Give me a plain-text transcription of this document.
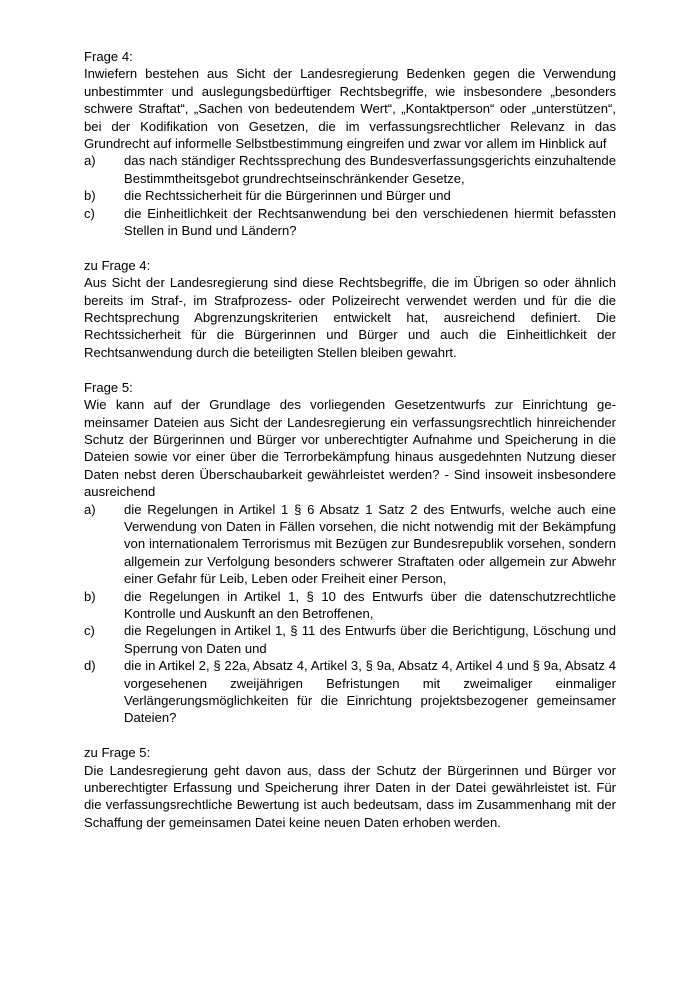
Frage 4:
Inwiefern bestehen aus Sicht der Landesregierung Bedenken gegen die Verwendung unbestimmter und auslegungsbedürftiger Rechtsbegriffe, wie insbesondere „besonders schwere Straftat“, „Sachen von bedeutendem Wert“, „Kontaktperson“ oder „unterstützen“, bei der Kodifikation von Gesetzen, die im verfassungsrechtlicher Relevanz in das Grundrecht auf informelle Selbstbestimmung eingreifen und zwar vor allem im Hinblick auf
a)	das nach ständiger Rechtssprechung des Bundesverfassungsgerichts einzuhaltende Bestimmtheitsgebot grundrechtseinschränkender Gesetze,
b)	die Rechtssicherheit für die Bürgerinnen und Bürger und
c)	die Einheitlichkeit der Rechtsanwendung bei den verschiedenen hiermit befassten Stellen in Bund und Ländern?
zu Frage 4:
Aus Sicht der Landesregierung sind diese Rechtsbegriffe, die im Übrigen so oder ähnlich bereits im Straf-, im Strafprozess- oder Polizeirecht verwendet werden und für die die Rechtsprechung Abgrenzungskriterien entwickelt hat, ausreichend definiert. Die Rechtssicherheit für die Bürgerinnen und Bürger und auch die Einheitlichkeit der Rechtsanwendung durch die beteiligten Stellen bleiben gewahrt.
Frage 5:
Wie kann auf der Grundlage des vorliegenden Gesetzentwurfs zur Einrichtung gemeinsamer Dateien aus Sicht der Landesregierung ein verfassungsrechtlich hinreichender Schutz der Bürgerinnen und Bürger vor unberechtigter Aufnahme und Speicherung in die Dateien sowie vor einer über die Terrorbekämpfung hinaus ausgedehnten Nutzung dieser Daten nebst deren Überschaubarkeit gewährleistet werden? - Sind insoweit insbesondere ausreichend
a)	die Regelungen in Artikel 1 § 6 Absatz 1 Satz 2 des Entwurfs, welche auch eine Verwendung von Daten in Fällen vorsehen, die nicht notwendig mit der Bekämpfung von internationalem Terrorismus mit Bezügen zur Bundesrepublik vorsehen, sondern allgemein zur Verfolgung besonders schwerer Straftaten oder allgemein zur Abwehr einer Gefahr für Leib, Leben oder Freiheit einer Person,
b)	die Regelungen in Artikel 1, § 10 des Entwurfs über die datenschutzrechtliche Kontrolle und Auskunft an den Betroffenen,
c)	die Regelungen in Artikel 1, § 11 des Entwurfs über die Berichtigung, Löschung und Sperrung von Daten und
d)	die in Artikel 2, § 22a, Absatz 4, Artikel 3, § 9a, Absatz 4, Artikel 4 und § 9a, Absatz 4 vorgesehenen zweijährigen Befristungen mit zweimaliger einmaliger Verlängerungsmöglichkeiten für die Einrichtung projektsbezogener gemeinsamer Dateien?
zu Frage 5:
Die Landesregierung geht davon aus, dass der Schutz der Bürgerinnen und Bürger vor unberechtigter Erfassung und Speicherung ihrer Daten in der Datei gewährleistet ist. Für die verfassungsrechtliche Bewertung ist auch bedeutsam, dass im Zusammenhang mit der Schaffung der gemeinsamen Datei keine neuen Daten erhoben werden.
